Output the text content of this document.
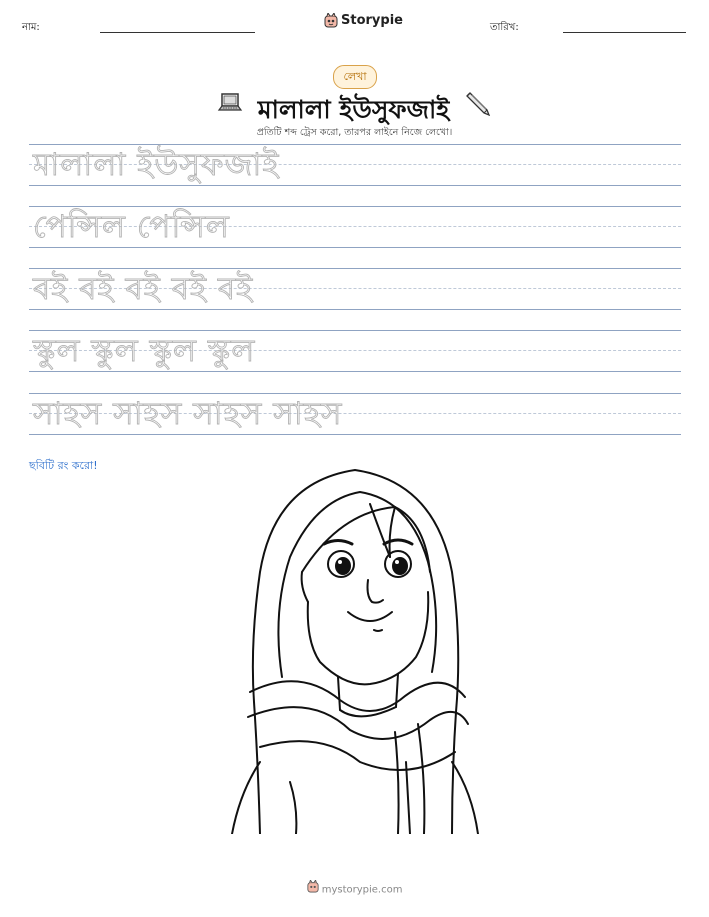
নাম:	Storypie	তারিখ:
লেখা
মালালা ইউসুফজাই
প্রতিটি শব্দ ট্রেস করো, তারপর লাইনে নিজে লেখো।
মালালা ইউসুফজাই
পেন্সিল পেন্সিল
বই বই বই বই বই
স্কুল স্কুল স্কুল স্কুল
সাহস সাহস সাহস সাহস
ছবিটি রং করো!
mystorypie.com
